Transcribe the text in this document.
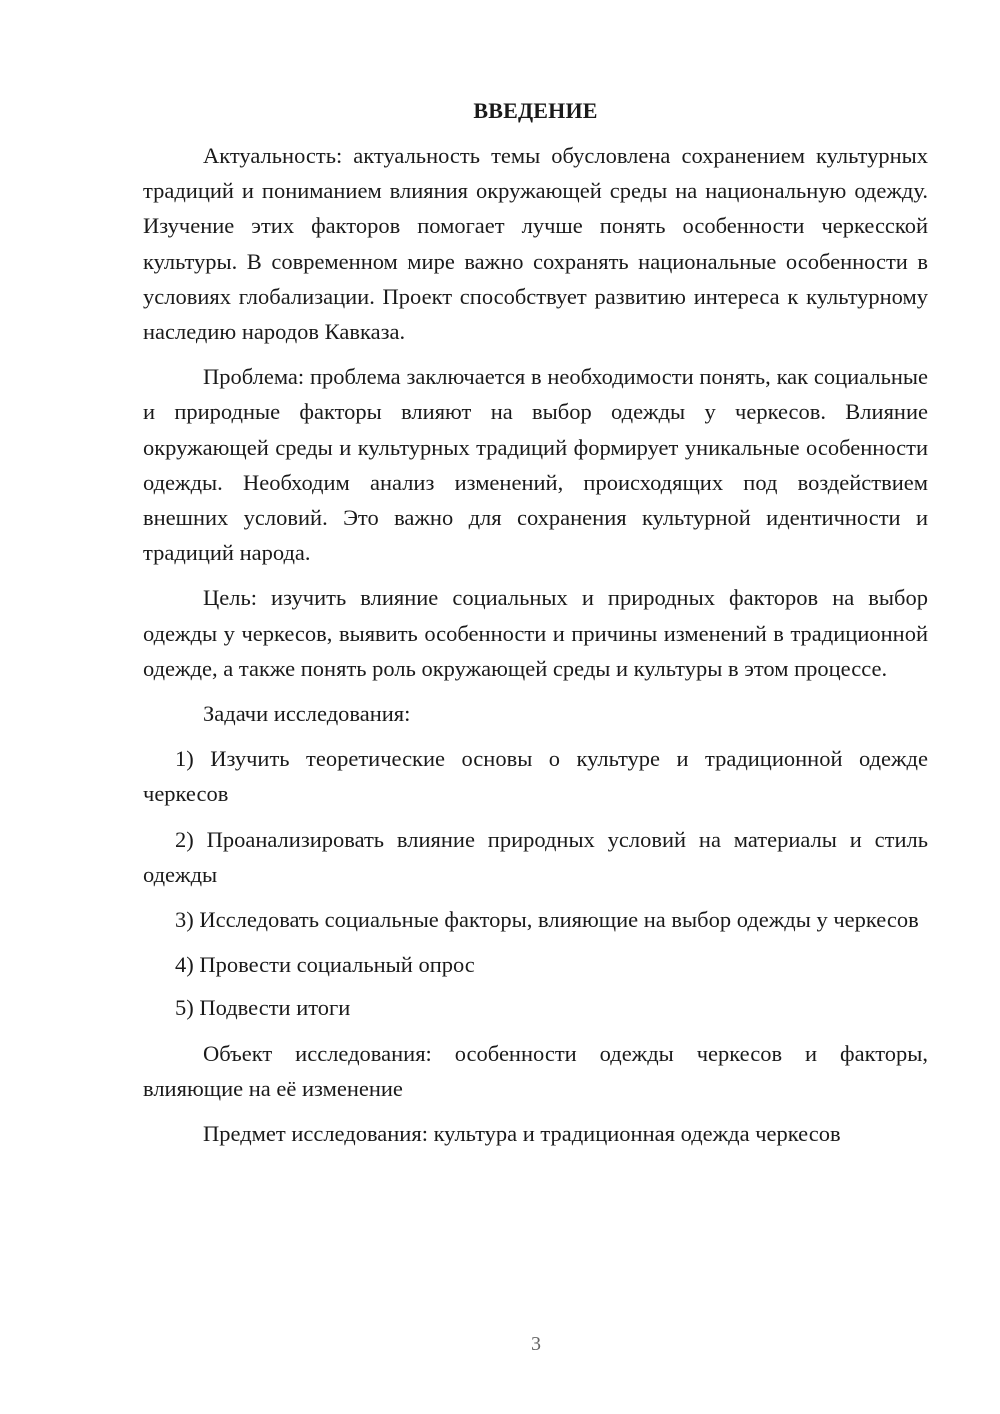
ВВЕДЕНИЕ

Актуальность: актуальность темы обусловлена сохранением культурных традиций и пониманием влияния окружающей среды на национальную одежду. Изучение этих факторов помогает лучше понять особенности черкесской культуры. В современном мире важно сохранять национальные особенности в условиях глобализации. Проект способствует развитию интереса к культурному наследию народов Кавказа.

Проблема: проблема заключается в необходимости понять, как социальные и природные факторы влияют на выбор одежды у черкесов. Влияние окружающей среды и культурных традиций формирует уникальные особенности одежды. Необходим анализ изменений, происходящих под воздействием внешних условий. Это важно для сохранения культурной идентичности и традиций народа.

Цель: изучить влияние социальных и природных факторов на выбор одежды у черкесов, выявить особенности и причины изменений в традиционной одежде, а также понять роль окружающей среды и культуры в этом процессе.

Задачи исследования:

1) Изучить теоретические основы о культуре и традиционной одежде черкесов

2) Проанализировать влияние природных условий на материалы и стиль одежды

3) Исследовать социальные факторы, влияющие на выбор одежды у черкесов

4) Провести социальный опрос

5) Подвести итоги

Объект исследования: особенности одежды черкесов и факторы, влияющие на её изменение

Предмет исследования: культура и традиционная одежда черкесов

3
